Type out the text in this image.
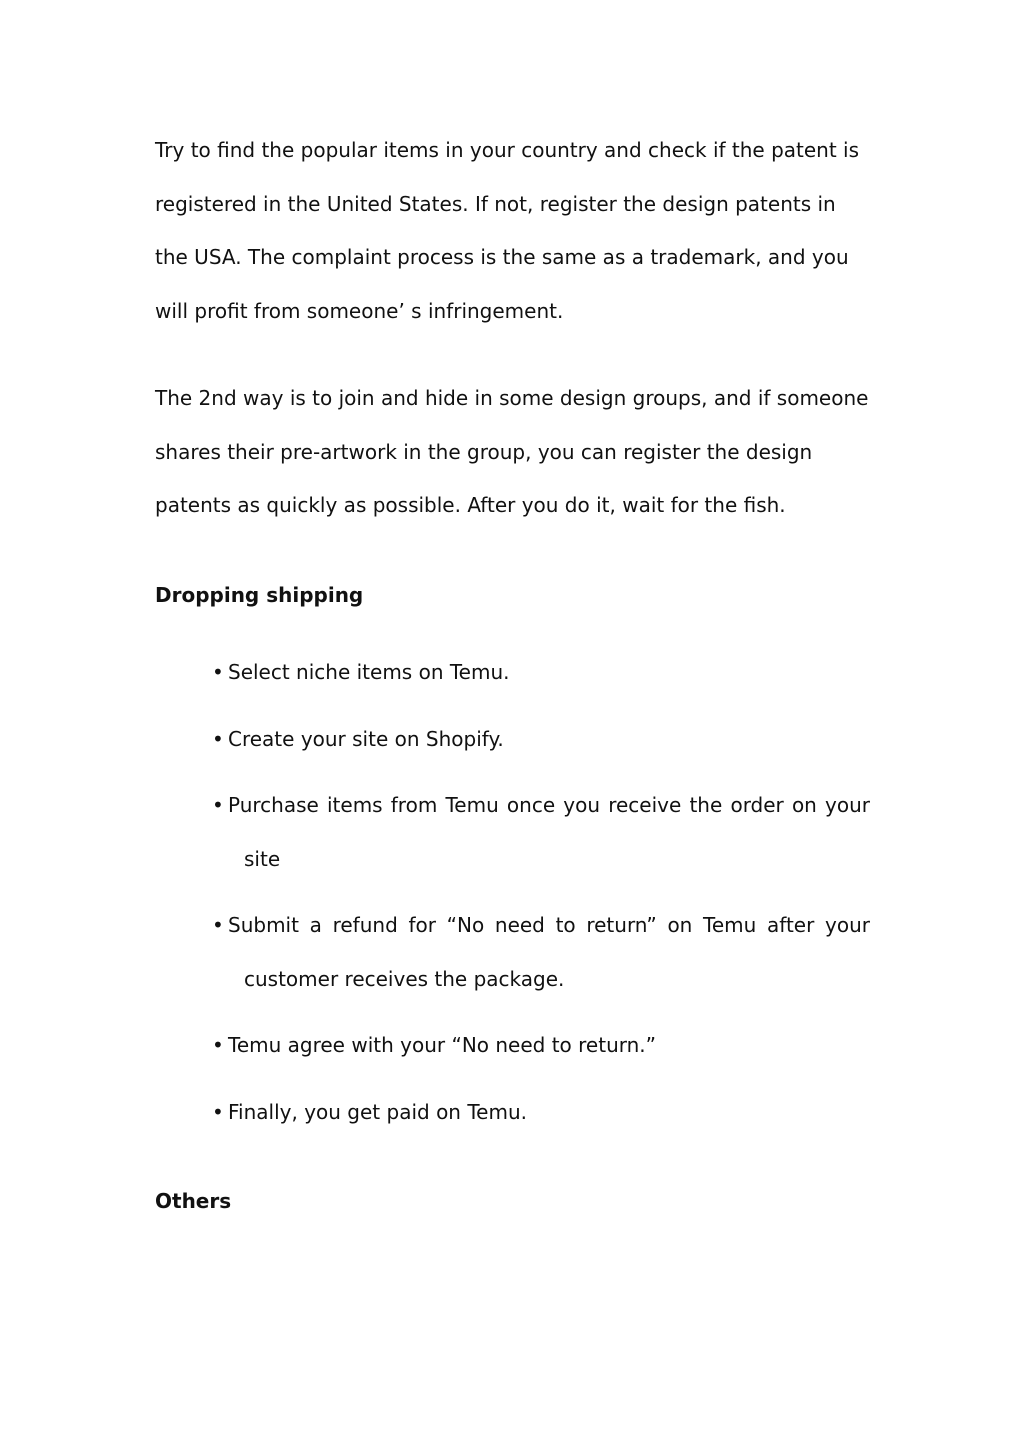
Try to find the popular items in your country and check if the patent is registered in the United States. If not, register the design patents in the USA. The complaint process is the same as a trademark, and you will profit from someone’ s infringement.

The 2nd way is to join and hide in some design groups, and if someone shares their pre-artwork in the group, you can register the design patents as quickly as possible. After you do it, wait for the fish.

Dropping shipping
• Select niche items on Temu.
• Create your site on Shopify.
• Purchase items from Temu once you receive the order on your site
• Submit a refund for “No need to return” on Temu after your customer receives the package.
• Temu agree with your “No need to return.”
• Finally, you get paid on Temu.
Others
